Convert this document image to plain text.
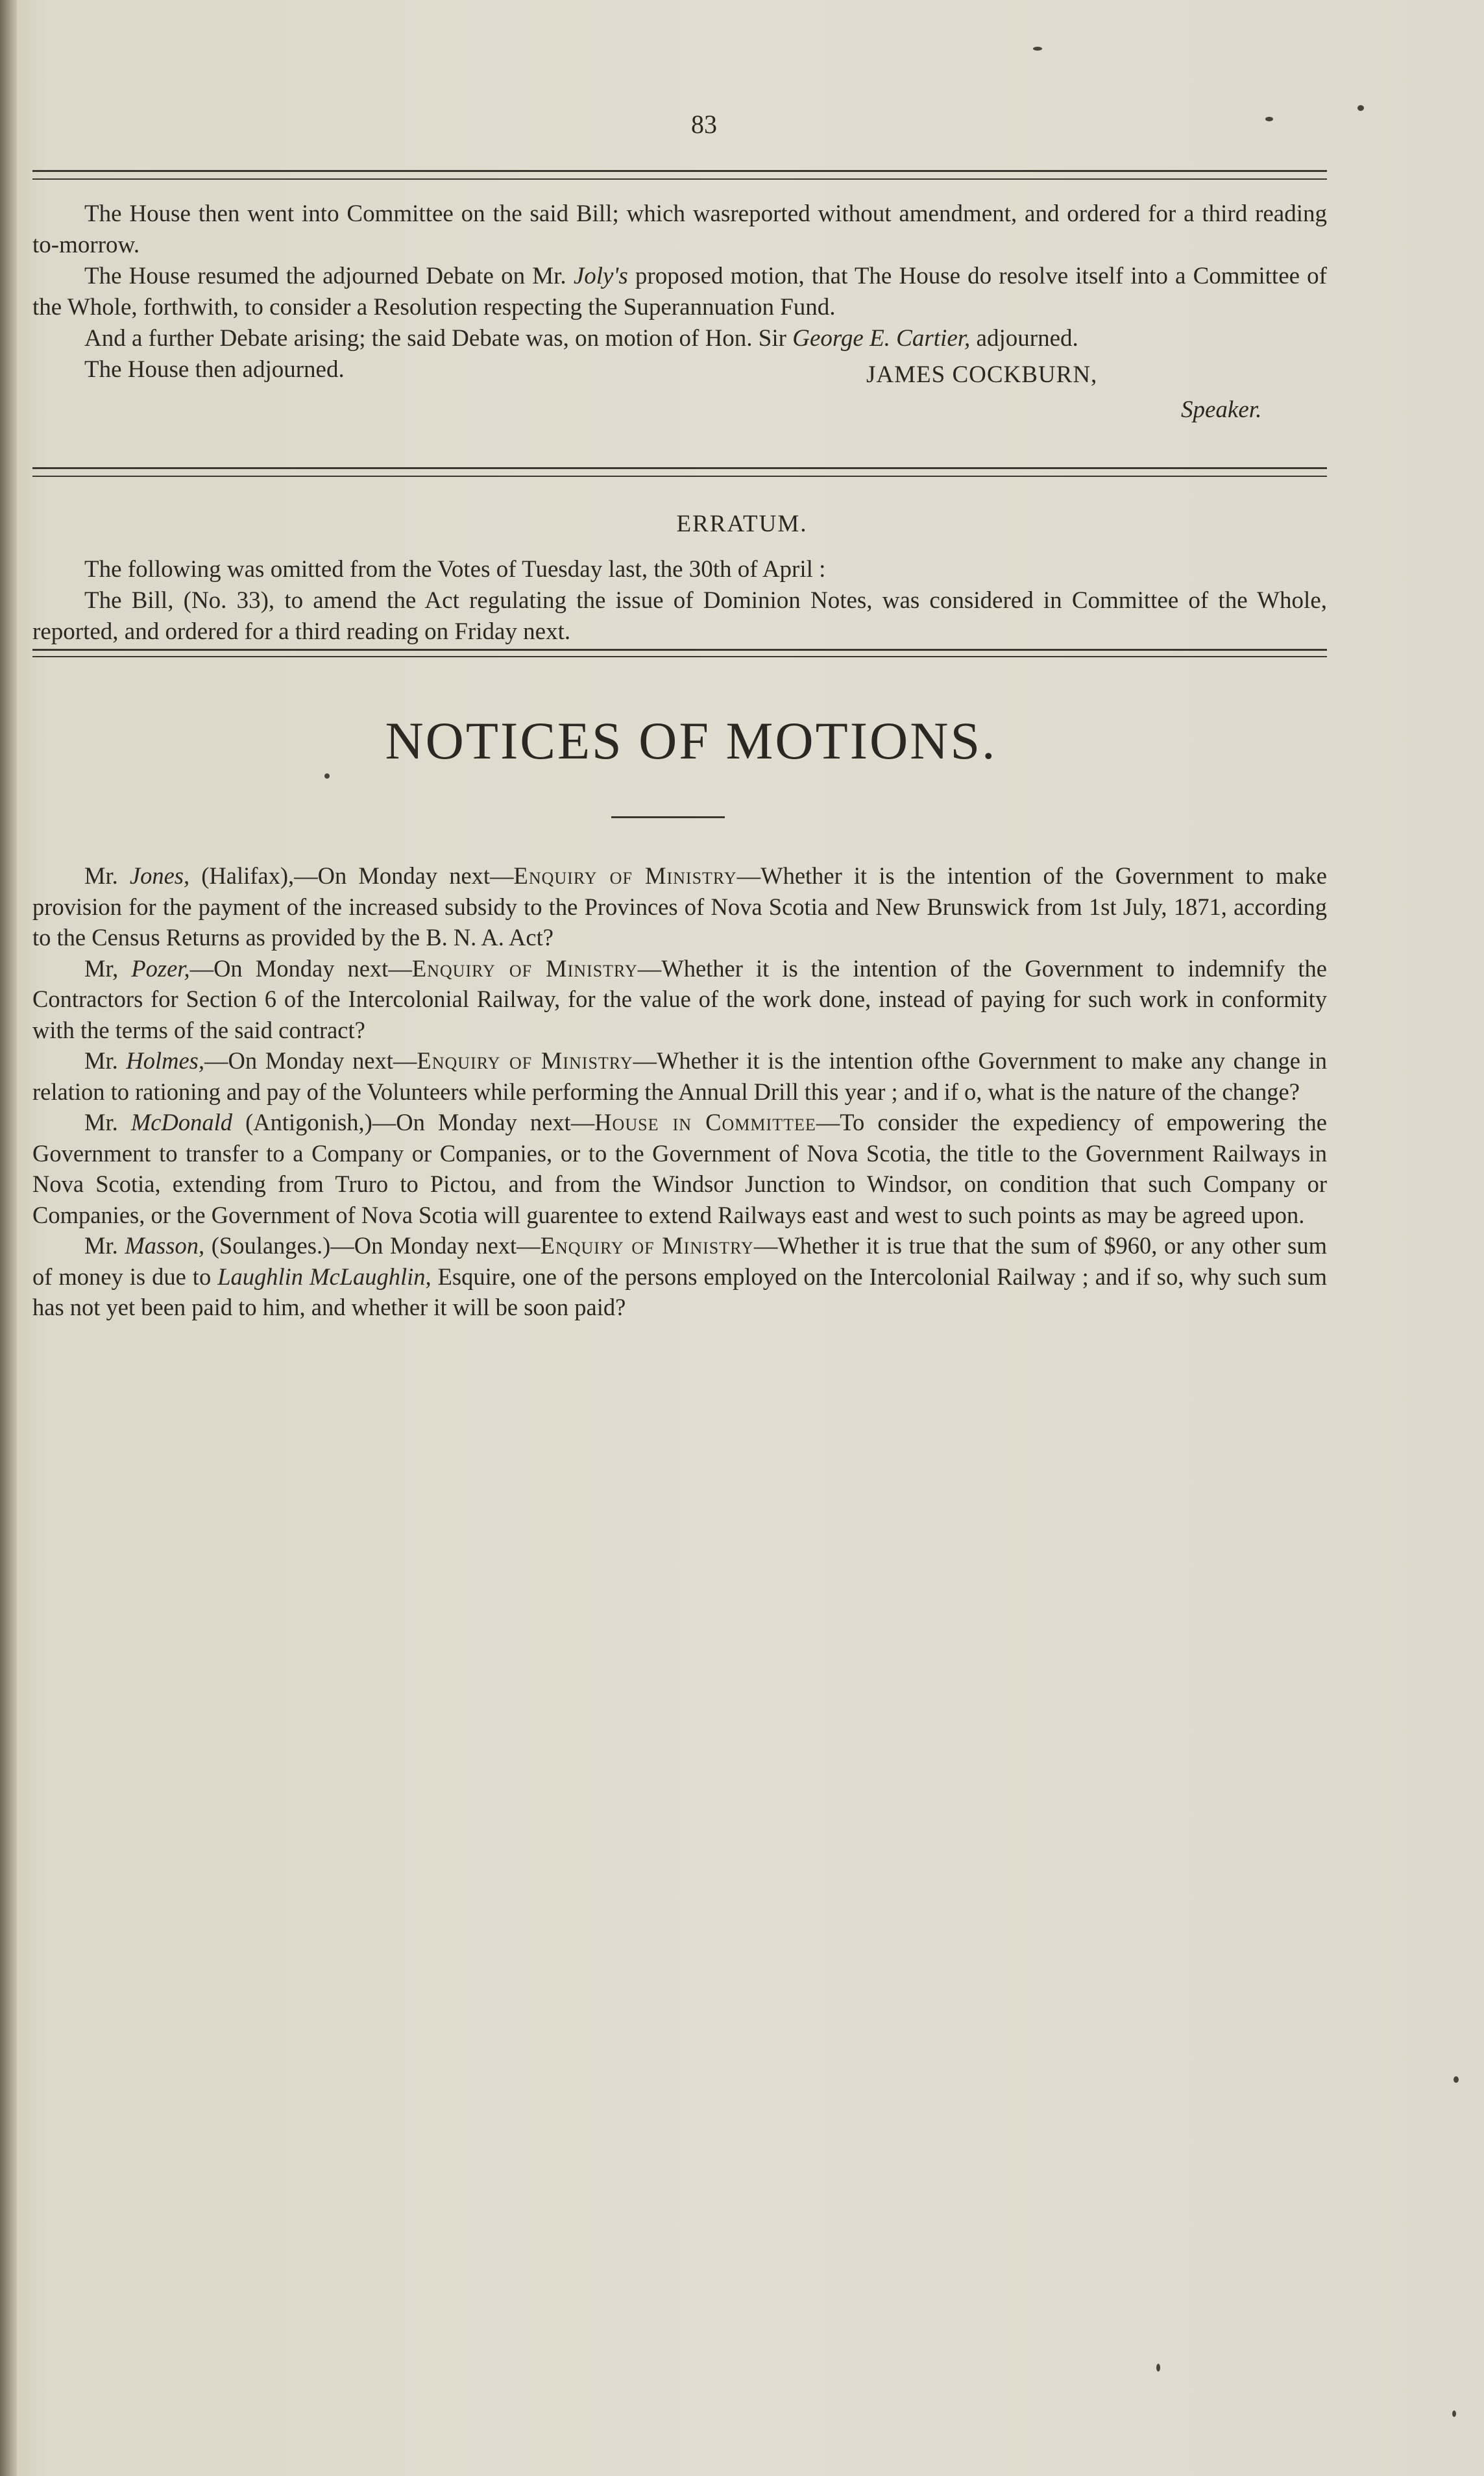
83

The House then went into Committee on the said Bill; which wasreported without amendment, and ordered for a third reading to-morrow.

The House resumed the adjourned Debate on Mr. Joly's proposed motion, that The House do resolve itself into a Committee of the Whole, forthwith, to consider a Resolution respecting the Superannuation Fund.

And a further Debate arising; the said Debate was, on motion of Hon. Sir George E. Cartier, adjourned.

The House then adjourned.	JAMES COCKBURN,
Speaker.
ERRATUM.

The following was omitted from the Votes of Tuesday last, the 30th of April :

The Bill, (No. 33), to amend the Act regulating the issue of Dominion Notes, was considered in Committee of the Whole, reported, and ordered for a third reading on Friday next.

NOTICES OF MOTIONS.

Mr. Jones, (Halifax),—On Monday next—Enquiry of Ministry—Whether it is the intention of the Government to make provision for the payment of the increased subsidy to the Provinces of Nova Scotia and New Brunswick from 1st July, 1871, according to the Census Returns as provided by the B. N. A. Act?

Mr, Pozer,—On Monday next—Enquiry of Ministry—Whether it is the intention of the Government to indemnify the Contractors for Section 6 of the Intercolonial Railway, for the value of the work done, instead of paying for such work in conformity with the terms of the said contract?

Mr. Holmes,—On Monday next—Enquiry of Ministry—Whether it is the intention ofthe Government to make any change in relation to rationing and pay of the Volunteers while performing the Annual Drill this year ; and if o, what is the nature of the change?

Mr. McDonald (Antigonish,)—On Monday next—House in Committee—To consider the expediency of empowering the Government to transfer to a Company or Companies, or to the Government of Nova Scotia, the title to the Government Railways in Nova Scotia, extending from Truro to Pictou, and from the Windsor Junction to Windsor, on condition that such Company or Companies, or the Government of Nova Scotia will guarentee to extend Railways east and west to such points as may be agreed upon.

Mr. Masson, (Soulanges.)—On Monday next—Enquiry of Ministry—Whether it is true that the sum of $960, or any other sum of money is due to Laughlin McLaughlin, Esquire, one of the persons employed on the Intercolonial Railway ; and if so, why such sum has not yet been paid to him, and whether it will be soon paid?
